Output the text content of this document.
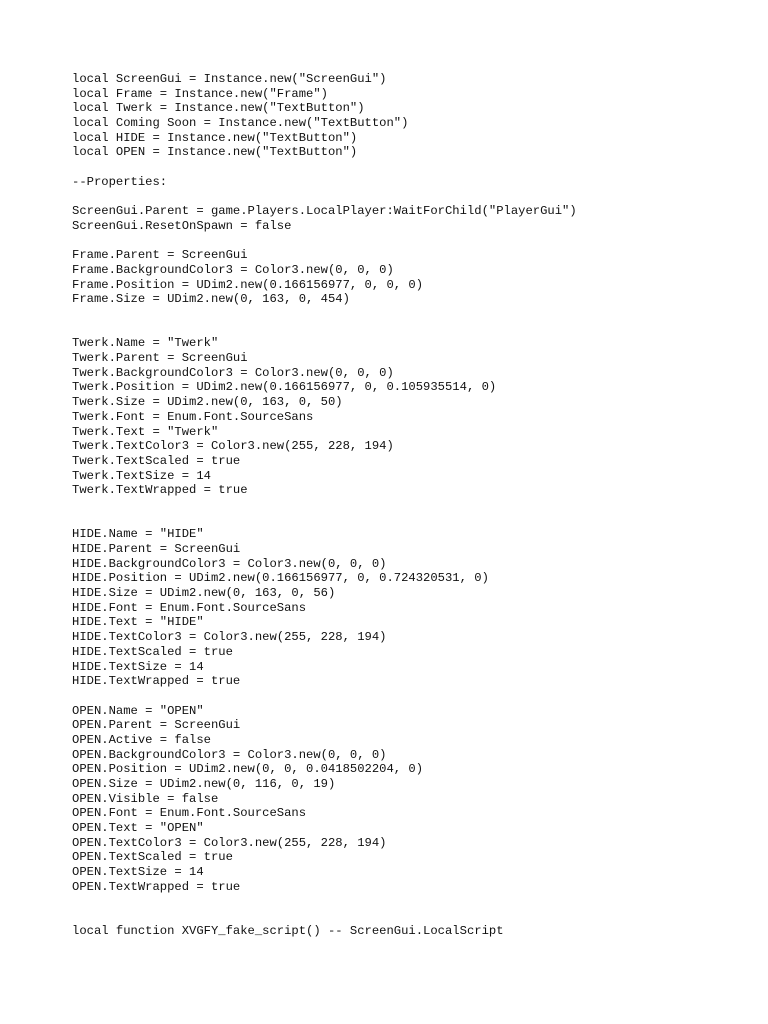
local ScreenGui = Instance.new("ScreenGui")
local Frame = Instance.new("Frame")
local Twerk = Instance.new("TextButton")
local Coming Soon = Instance.new("TextButton")
local HIDE = Instance.new("TextButton")
local OPEN = Instance.new("TextButton")
--Properties:
ScreenGui.Parent = game.Players.LocalPlayer:WaitForChild("PlayerGui")
ScreenGui.ResetOnSpawn = false
Frame.Parent = ScreenGui
Frame.BackgroundColor3 = Color3.new(0, 0, 0)
Frame.Position = UDim2.new(0.166156977, 0, 0, 0)
Frame.Size = UDim2.new(0, 163, 0, 454)
Twerk.Name = "Twerk"
Twerk.Parent = ScreenGui
Twerk.BackgroundColor3 = Color3.new(0, 0, 0)
Twerk.Position = UDim2.new(0.166156977, 0, 0.105935514, 0)
Twerk.Size = UDim2.new(0, 163, 0, 50)
Twerk.Font = Enum.Font.SourceSans
Twerk.Text = "Twerk"
Twerk.TextColor3 = Color3.new(255, 228, 194)
Twerk.TextScaled = true
Twerk.TextSize = 14
Twerk.TextWrapped = true
HIDE.Name = "HIDE"
HIDE.Parent = ScreenGui
HIDE.BackgroundColor3 = Color3.new(0, 0, 0)
HIDE.Position = UDim2.new(0.166156977, 0, 0.724320531, 0)
HIDE.Size = UDim2.new(0, 163, 0, 56)
HIDE.Font = Enum.Font.SourceSans
HIDE.Text = "HIDE"
HIDE.TextColor3 = Color3.new(255, 228, 194)
HIDE.TextScaled = true
HIDE.TextSize = 14
HIDE.TextWrapped = true
OPEN.Name = "OPEN"
OPEN.Parent = ScreenGui
OPEN.Active = false
OPEN.BackgroundColor3 = Color3.new(0, 0, 0)
OPEN.Position = UDim2.new(0, 0, 0.0418502204, 0)
OPEN.Size = UDim2.new(0, 116, 0, 19)
OPEN.Visible = false
OPEN.Font = Enum.Font.SourceSans
OPEN.Text = "OPEN"
OPEN.TextColor3 = Color3.new(255, 228, 194)
OPEN.TextScaled = true
OPEN.TextSize = 14
OPEN.TextWrapped = true
local function XVGFY_fake_script() -- ScreenGui.LocalScript
